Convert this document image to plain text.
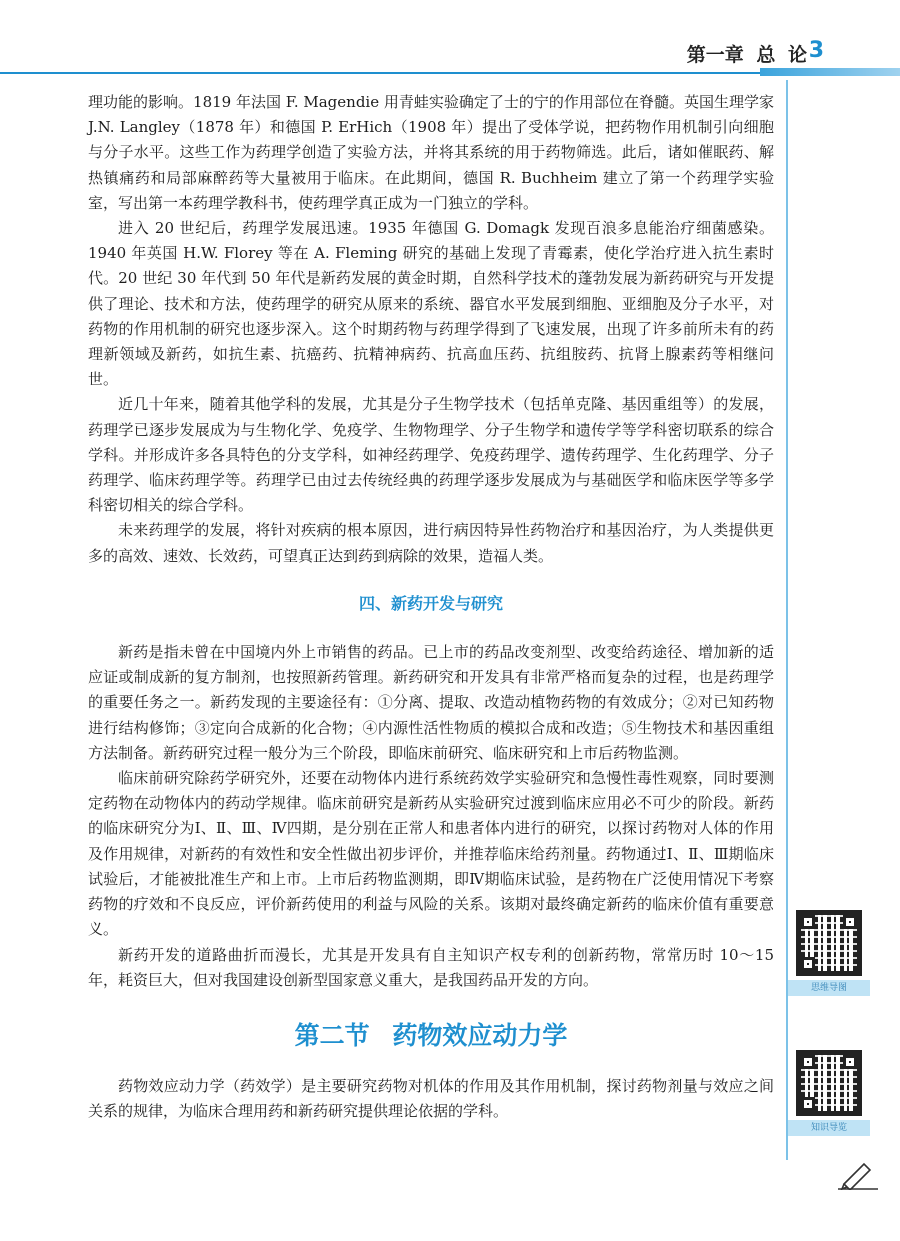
第一章 总 论 3

理功能的影响。1819 年法国 F. Magendie 用青蛙实验确定了士的宁的作用部位在脊髓。英国生理学家 J.N. Langley（1878 年）和德国 P. ErHich（1908 年）提出了受体学说，把药物作用机制引向细胞与分子水平。这些工作为药理学创造了实验方法，并将其系统的用于药物筛选。此后，诸如催眠药、解热镇痛药和局部麻醉药等大量被用于临床。在此期间，德国 R. Buchheim 建立了第一个药理学实验室，写出第一本药理学教科书，使药理学真正成为一门独立的学科。

进入 20 世纪后，药理学发展迅速。1935 年德国 G. Domagk 发现百浪多息能治疗细菌感染。1940 年英国 H.W. Florey 等在 A. Fleming 研究的基础上发现了青霉素，使化学治疗进入抗生素时代。20 世纪 30 年代到 50 年代是新药发展的黄金时期，自然科学技术的蓬勃发展为新药研究与开发提供了理论、技术和方法，使药理学的研究从原来的系统、器官水平发展到细胞、亚细胞及分子水平，对药物的作用机制的研究也逐步深入。这个时期药物与药理学得到了飞速发展，出现了许多前所未有的药理新领域及新药，如抗生素、抗癌药、抗精神病药、抗高血压药、抗组胺药、抗肾上腺素药等相继问世。

近几十年来，随着其他学科的发展，尤其是分子生物学技术（包括单克隆、基因重组等）的发展，药理学已逐步发展成为与生物化学、免疫学、生物物理学、分子生物学和遗传学等学科密切联系的综合学科。并形成许多各具特色的分支学科，如神经药理学、免疫药理学、遗传药理学、生化药理学、分子药理学、临床药理学等。药理学已由过去传统经典的药理学逐步发展成为与基础医学和临床医学等多学科密切相关的综合学科。

未来药理学的发展，将针对疾病的根本原因，进行病因特异性药物治疗和基因治疗，为人类提供更多的高效、速效、长效药，可望真正达到药到病除的效果，造福人类。

四、新药开发与研究

新药是指未曾在中国境内外上市销售的药品。已上市的药品改变剂型、改变给药途径、增加新的适应证或制成新的复方制剂，也按照新药管理。新药研究和开发具有非常严格而复杂的过程，也是药理学的重要任务之一。新药发现的主要途径有：①分离、提取、改造动植物药物的有效成分；②对已知药物进行结构修饰；③定向合成新的化合物；④内源性活性物质的模拟合成和改造；⑤生物技术和基因重组方法制备。新药研究过程一般分为三个阶段，即临床前研究、临床研究和上市后药物监测。

临床前研究除药学研究外，还要在动物体内进行系统药效学实验研究和急慢性毒性观察，同时要测定药物在动物体内的药动学规律。临床前研究是新药从实验研究过渡到临床应用必不可少的阶段。新药的临床研究分为Ⅰ、Ⅱ、Ⅲ、Ⅳ四期，是分别在正常人和患者体内进行的研究，以探讨药物对人体的作用及作用规律，对新药的有效性和安全性做出初步评价，并推荐临床给药剂量。药物通过Ⅰ、Ⅱ、Ⅲ期临床试验后，才能被批准生产和上市。上市后药物监测期，即Ⅳ期临床试验，是药物在广泛使用情况下考察药物的疗效和不良反应，评价新药使用的利益与风险的关系。该期对最终确定新药的临床价值有重要意义。

新药开发的道路曲折而漫长，尤其是开发具有自主知识产权专利的创新药物，常常历时 10～15 年，耗资巨大，但对我国建设创新型国家意义重大，是我国药品开发的方向。

第二节 药物效应动力学

药物效应动力学（药效学）是主要研究药物对机体的作用及其作用机制，探讨药物剂量与效应之间关系的规律，为临床合理用药和新药研究提供理论依据的学科。

思维导图
知识导览
